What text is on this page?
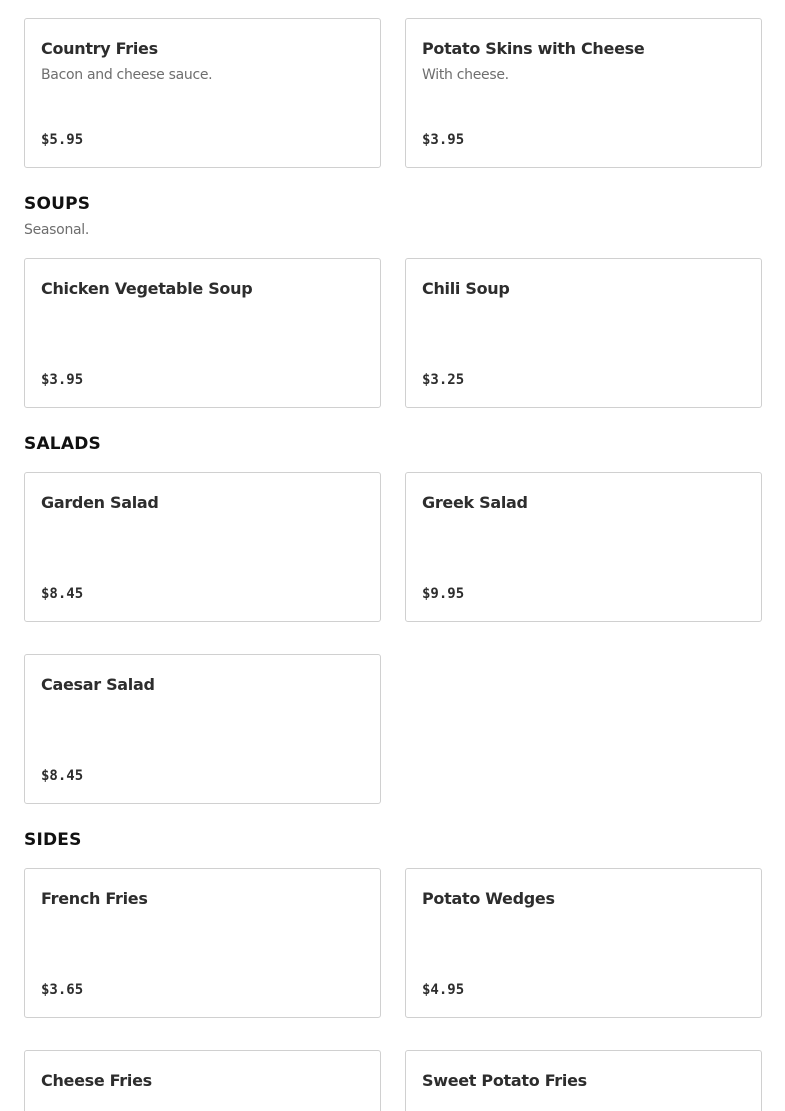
Country Fries
Bacon and cheese sauce.
$5.95
Potato Skins with Cheese
With cheese.
$3.95
SOUPS

Seasonal.

Chicken Vegetable Soup
$3.95
Chili Soup
$3.25
SALADS
Garden Salad
$8.45
Greek Salad
$9.95
Caesar Salad
$8.45
SIDES
French Fries
$3.65
Potato Wedges
$4.95
Cheese Fries	Sweet Potato Fries
